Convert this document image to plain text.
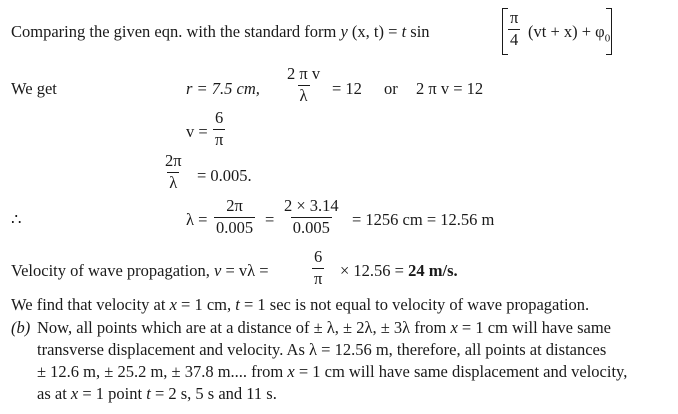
Comparing the given eqn. with the standard form y (x, t) = t sin	$\frac{\pi}{4} (vt + x) + \varphi_0$
We get	r = 7.5 cm, $\frac{\text{2 π v}}{\lambda} = 12$ or 2 π v = 12
$v = \frac{6}{\pi}$
$\frac{2\pi}{\lambda} = 0.005$.
∴	$\lambda = \frac{2\pi}{0.005} = \frac{2 \times 3.14}{0.005} = 1256$ cm = 12.56 m
Velocity of wave propagation, v = vλ =	$\frac{6}{\pi} \times 12.56 = 24$ m/s.
We find that velocity at x = 1 cm, t = 1 sec is not equal to velocity of wave propagation.
(b) Now, all points which are at a distance of ± λ, ± 2λ, ± 3λ from x = 1 cm will have same
transverse displacement and velocity. As λ = 12.56 m, therefore, all points at distances
± 12.6 m, ± 25.2 m, ± 37.8 m.... from x = 1 cm will have same displacement and velocity,
as at x = 1 point t = 2 s, 5 s and 11 s.
